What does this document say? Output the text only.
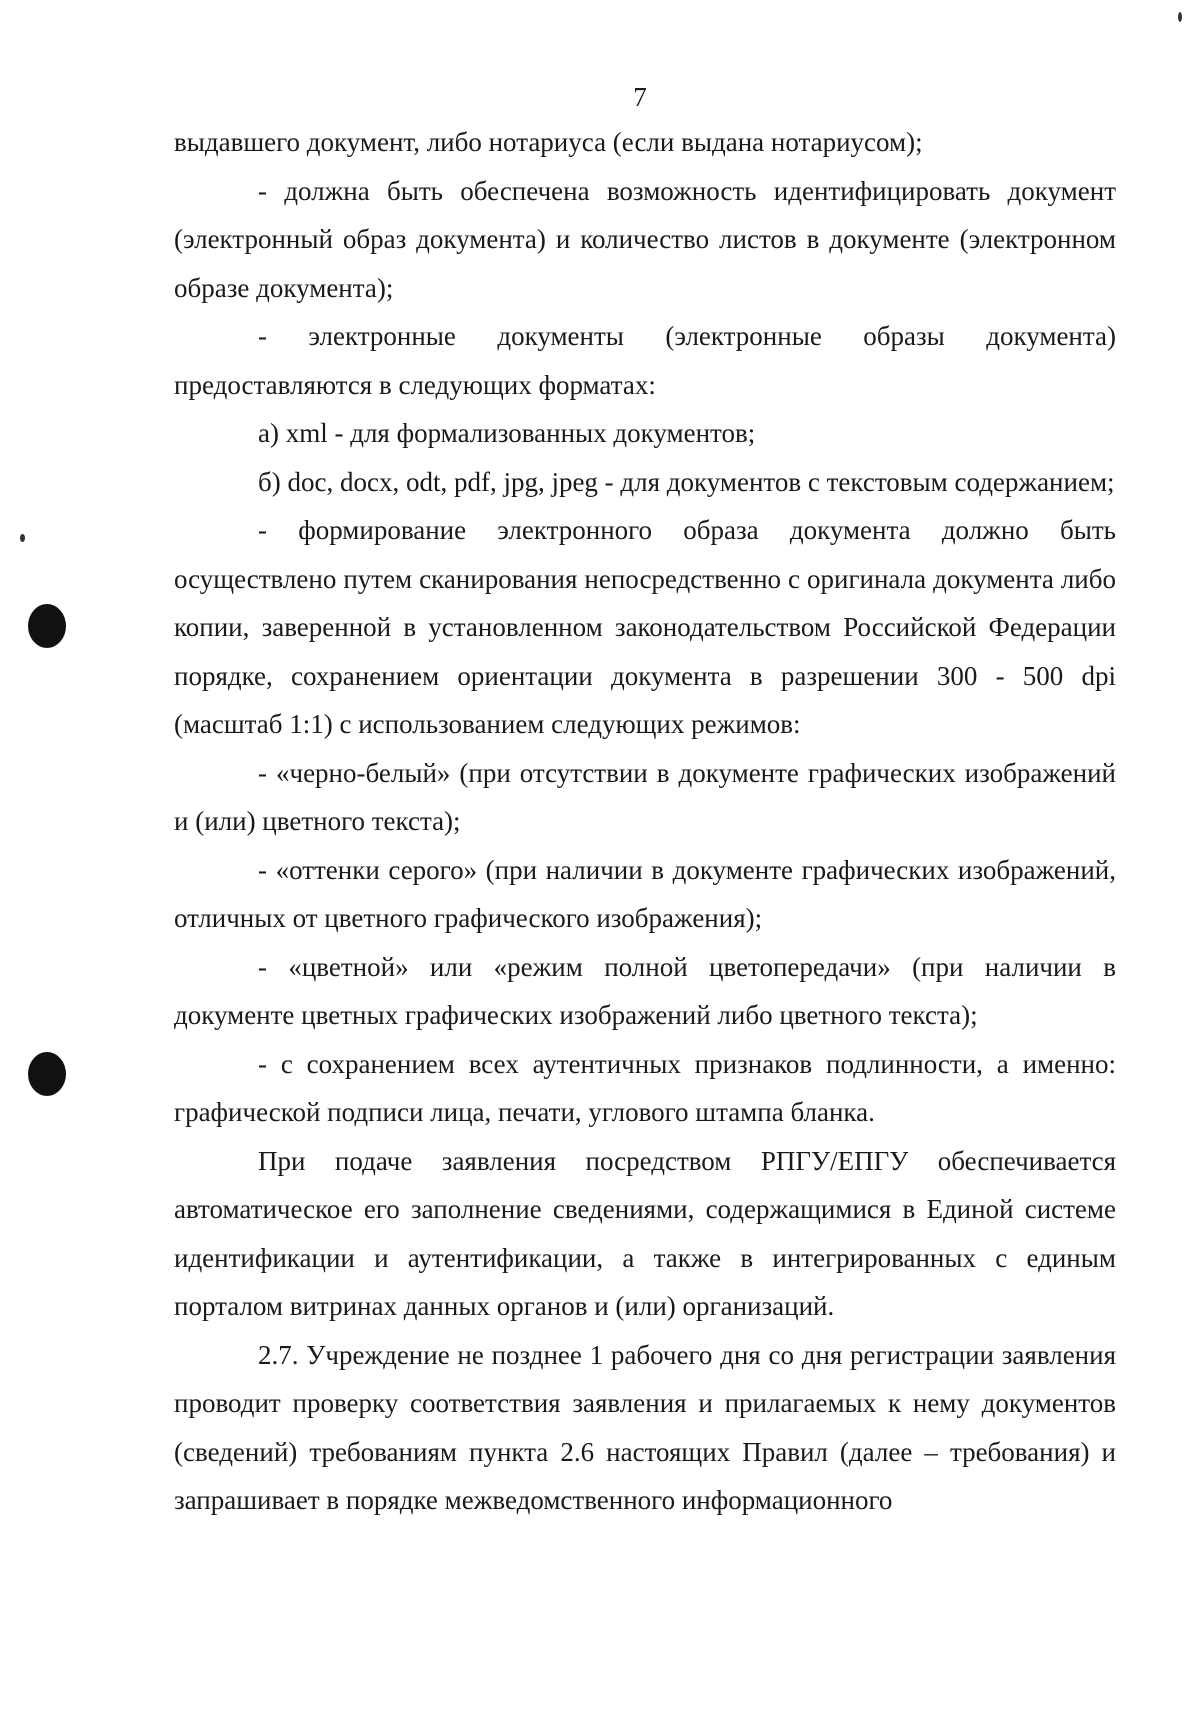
7

выдавшего документ, либо нотариуса (если выдана нотариусом);

- должна быть обеспечена возможность идентифицировать документ (электронный образ документа) и количество листов в документе (электронном образе документа);

- электронные документы (электронные образы документа) предоставляются в следующих форматах:

а) xml - для формализованных документов;

б) doc, docx, odt, pdf, jpg, jpeg - для документов с текстовым содержанием;

- формирование электронного образа документа должно быть осуществлено путем сканирования непосредственно с оригинала документа либо копии, заверенной в установленном законодательством Российской Федерации порядке, сохранением ориентации документа в разрешении 300 - 500 dpi (масштаб 1:1) с использованием следующих режимов:

- «черно-белый» (при отсутствии в документе графических изображений и (или) цветного текста);

- «оттенки серого» (при наличии в документе графических изображений, отличных от цветного графического изображения);

- «цветной» или «режим полной цветопередачи» (при наличии в документе цветных графических изображений либо цветного текста);

- с сохранением всех аутентичных признаков подлинности, а именно: графической подписи лица, печати, углового штампа бланка.

При подаче заявления посредством РПГУ/ЕПГУ обеспечивается автоматическое его заполнение сведениями, содержащимися в Единой системе идентификации и аутентификации, а также в интегрированных с единым порталом витринах данных органов и (или) организаций.

2.7. Учреждение не позднее 1 рабочего дня со дня регистрации заявления проводит проверку соответствия заявления и прилагаемых к нему документов (сведений) требованиям пункта 2.6 настоящих Правил (далее – требования) и запрашивает в порядке межведомственного информационного
